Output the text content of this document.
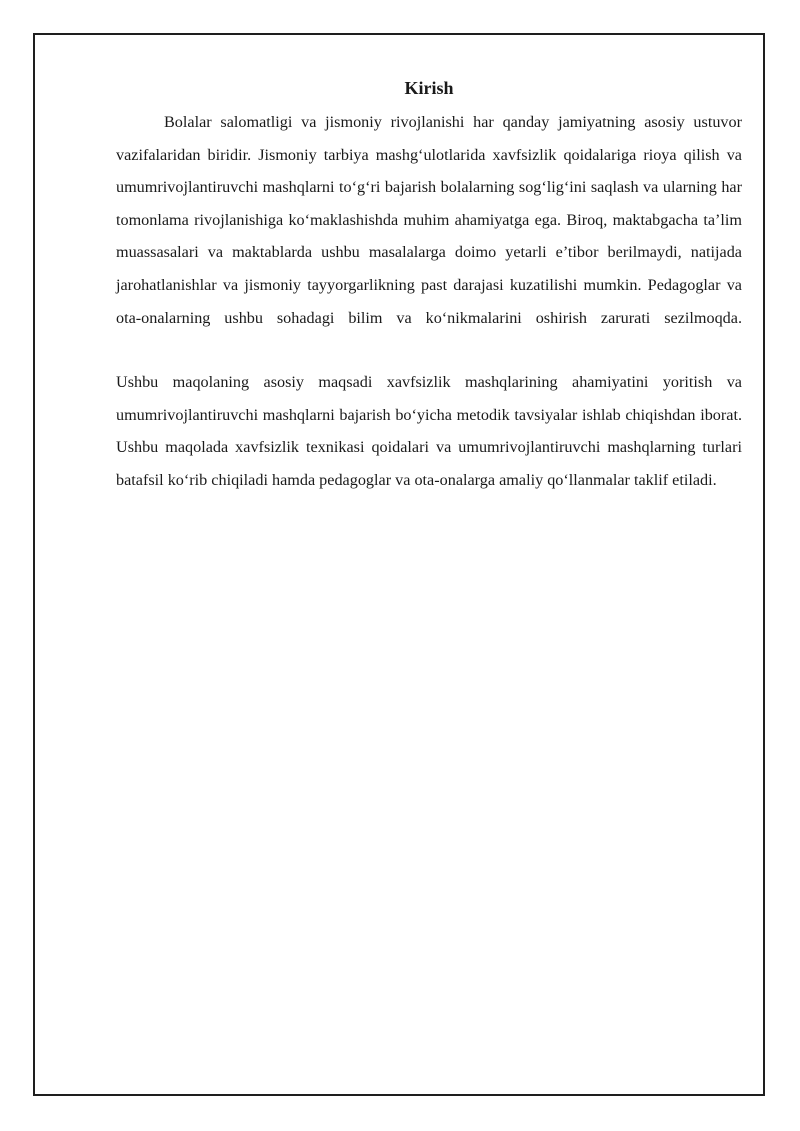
Kirish

Bolalar salomatligi va jismoniy rivojlanishi har qanday jamiyatning asosiy ustuvor vazifalaridan biridir. Jismoniy tarbiya mashg‘ulotlarida xavfsizlik qoidalariga rioya qilish va umumrivojlantiruvchi mashqlarni to‘g‘ri bajarish bolalarning sog‘lig‘ini saqlash va ularning har tomonlama rivojlanishiga ko‘maklashishda muhim ahamiyatga ega. Biroq, maktabgacha ta’lim muassasalari va maktablarda ushbu masalalarga doimo yetarli e’tibor berilmaydi, natijada jarohatlanishlar va jismoniy tayyorgarlikning past darajasi kuzatilishi mumkin. Pedagoglar va ota-onalarning ushbu sohadagi bilim va ko‘nikmalarini oshirish zarurati sezilmoqda.

Ushbu maqolaning asosiy maqsadi xavfsizlik mashqlarining ahamiyatini yoritish va umumrivojlantiruvchi mashqlarni bajarish bo‘yicha metodik tavsiyalar ishlab chiqishdan iborat. Ushbu maqolada xavfsizlik texnikasi qoidalari va umumrivojlantiruvchi mashqlarning turlari batafsil ko‘rib chiqiladi hamda pedagoglar va ota-onalarga amaliy qo‘llanmalar taklif etiladi.
